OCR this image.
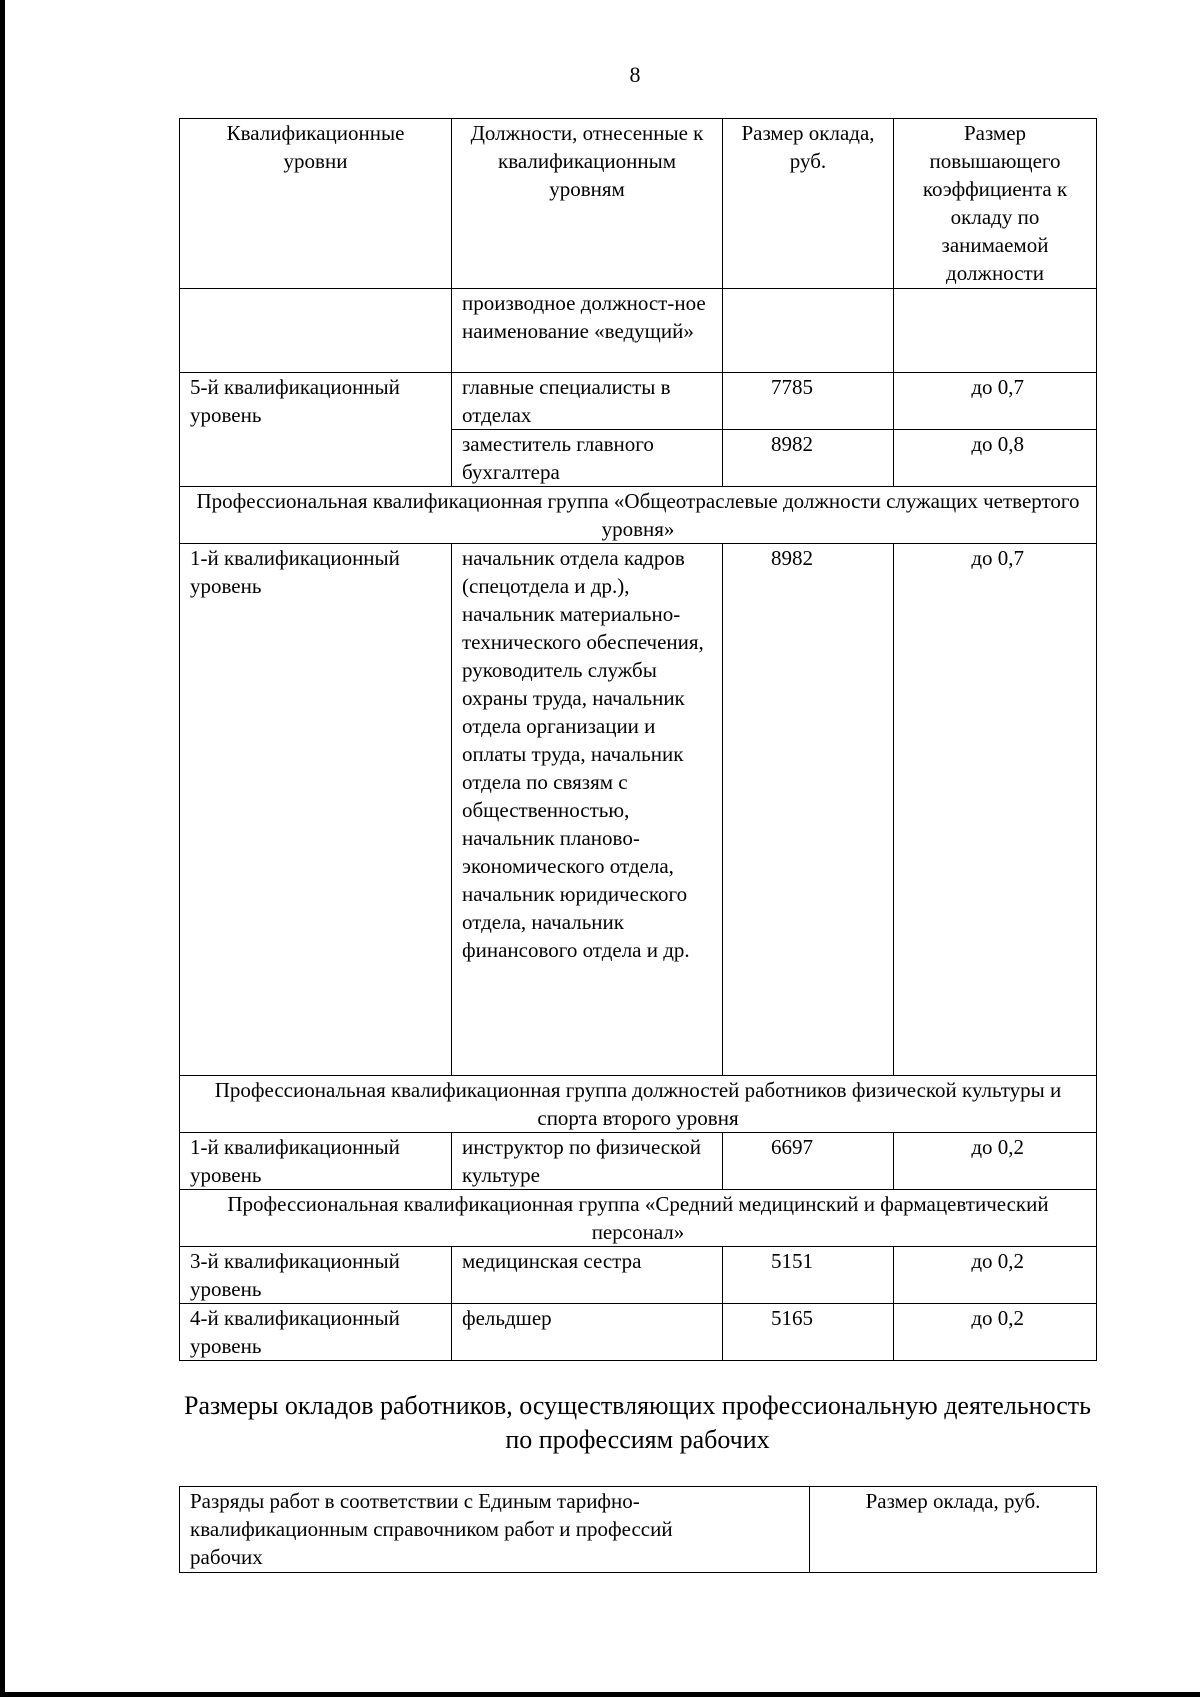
8
Квалификационные уровни	Должности, отнесенные к квалификационным уровням	Размер оклада, руб.	Размер повышающего коэффициента к окладу по занимаемой должности
	производное должност-ное наименование «ведущий»		
5-й квалификационный уровень	главные специалисты в отделах	7785	до 0,7
	заместитель главного бухгалтера	8982	до 0,8
Профессиональная квалификационная группа «Общеотраслевые должности служащих четвертого уровня»			
1-й квалификационный уровень	начальник отдела кадров (спецотдела и др.), начальник материально-технического обеспечения, руководитель службы охраны труда, начальник отдела организации и оплаты труда, начальник отдела по связям с общественностью, начальник планово-экономического отдела, начальник юридического отдела, начальник финансового отдела и др.	8982	до 0,7
Профессиональная квалификационная группа должностей работников физической культуры и спорта второго уровня			
1-й квалификационный уровень	инструктор по физической культуре	6697	до 0,2
Профессиональная квалификационная группа «Средний медицинский и фармацевтический персонал»			
3-й квалификационный уровень	медицинская сестра	5151	до 0,2
4-й квалификационный уровень	фельдшер	5165	до 0,2
Размеры окладов работников, осуществляющих профессиональную деятельность по профессиям рабочих
Разряды работ в соответствии с Единым тарифно-квалификационным справочником работ и профессий рабочих	Размер оклада, руб.
